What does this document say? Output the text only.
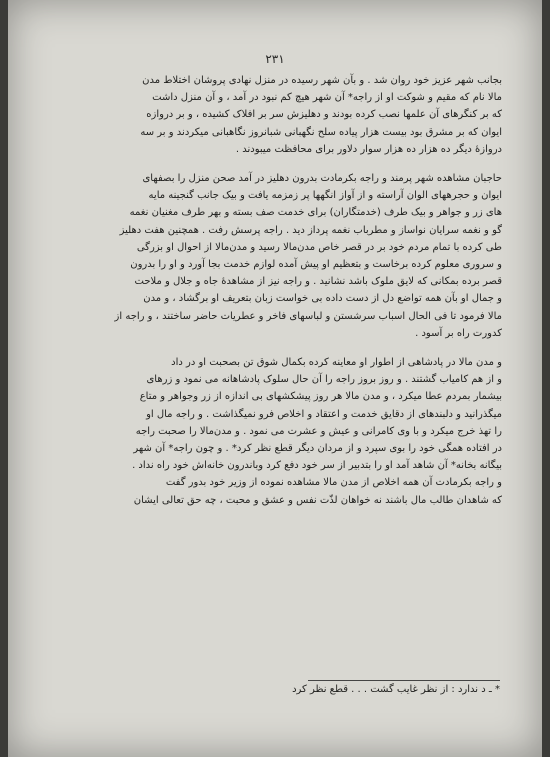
۲۳۱

بجانب شهر عزیز خود روان شد . و بآن شهر رسیده در منزل نهادی پروشان اختلاط مدن
مالا نام که مقیم و شوکت او از راجه* آن شهر هیچ کم نبود در آمد ، و آن منزل داشت
که بر کنگرهای آن علمها نصب کرده بودند و دهلیزش سر بر افلاک کشیده ، و بر دروازه
ایوان که بر مشرق بود بیست هزار پیاده سلح نگهبانی شبانروز نگاهبانی میکردند و بر سه
دروازهٔ دیگر ده هزار ده هزار سوار دلاور برای محافظت میبودند .

حاجبان مشاهده شهر پرمند و راجه بکرمادت بدرون دهلیز در آمد صحن منزل را بصفهای
ایوان و حجرههای الوان آراسته و از آواز انگهها پر زمزمه یافت و بیک جانب گنجینه مایه
های زر و جواهر و بیک طرف (خدمتگاران) برای خدمت صف بسته و بهر طرف مغنیان نغمه
گو و نغمه سرایان نواساز و مطرباب نغمه پرداز دید . راجه پرسش رفت . همچنین هفت دهلیز
طی کرده با تمام مردم خود بر در قصر خاص مدن‌مالا رسید و مدن‌مالا از احوال او بزرگی
و سروری معلوم کرده برخاست و بتعظیم او پیش آمده لوازم خدمت بجا آورد و او را بدرون
قصر برده بمکانی که لایق ملوک باشد نشانید . و راجه نیز از مشاهدهٔ جاه و جلال و ملاحت
و جمال او بآن همه تواضع دل از دست داده بی خواست زبان بتعریف او برگشاد ، و مدن
مالا فرمود تا فی الحال اسباب سرشستن و لباسهای فاخر و عطریات حاضر ساختند ، و راجه از
کدورت راه بر آسود .

و مدن مالا در پادشاهی از اطوار او معاینه کرده بکمال شوق تن بصحبت او در داد
و از هم کامیاب گشتند . و روز بروز راجه را آن حال سلوک پادشاهانه می نمود و زرهای
بیشمار بمردم عطا میکرد ، و مدن مالا هر روز پیشکشهای بی اندازه از زر وجواهر و متاع
میگذرانید و دلبندهای از دقایق خدمت و اعتقاد و اخلاص فرو نمیگذاشت . و راجه مال او
را تهذ خرج میکرد و با وی کامرانی و عیش و عشرت می نمود . و مدن‌مالا را صحبت راجه
در افتاده همگی خود را بوی سپرد و از مردان دیگر قطع نظر کرد* . و چون راجه* آن شهر
بیگانه بخانه* آن شاهد آمد او را بتدبیر از سر خود دفع کرد وباندرون خانه‌اش خود راه نداد .
و راجه بکرمادت آن همه اخلاص از مدن مالا مشاهده نموده از وزیر خود بدور گفت
که شاهدان طالب مال باشند نه خواهان لذّت نفس و عشق و محبت ، چه حق تعالی ایشان

* ـ د ندارد : از نظر غایب گشت . . . قطع نظر کرد
